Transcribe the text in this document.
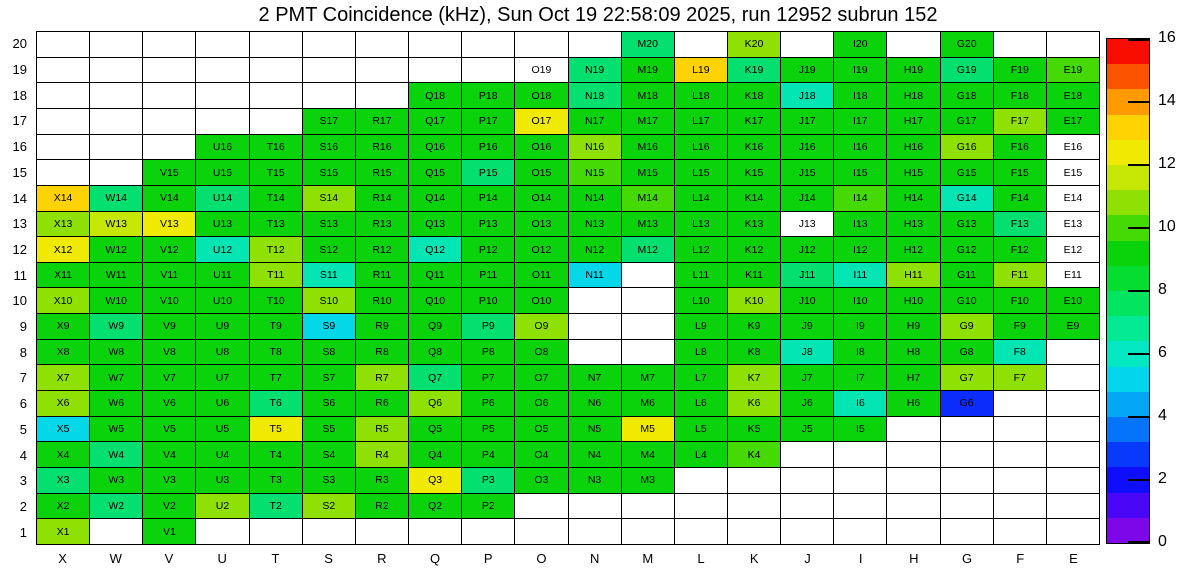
2 PMT Coincidence (kHz), Sun Oct 19 22:58:09 2025, run 12952 subrun 152
20
19
18
17
16
15
14
13
12
11
10
9
8
7
6
5
4
3
2
1
M20	K20	I20	G20
O19	N19	M19	L19	K19	J19	I19	H19	G19	F19	E19
Q18	P18	O18	N18	M18	L18	K18	J18	I18	H18	G18	F18	E18
S17	R17	Q17	P17	O17	N17	M17	L17	K17	J17	I17	H17	G17	F17	E17
U16	T16	S16	R16	Q16	P16	O16	N16	M16	L16	K16	J16	I16	H16	G16	F16	E16
V15	U15	T15	S15	R15	Q15	P15	O15	N15	M15	L15	K15	J15	I15	H15	G15	F15	E15
X14	W14	V14	U14	T14	S14	R14	Q14	P14	O14	N14	M14	L14	K14	J14	I14	H14	G14	F14	E14
X13	W13	V13	U13	T13	S13	R13	Q13	P13	O13	N13	M13	L13	K13	J13	I13	H13	G13	F13	E13
X12	W12	V12	U12	T12	S12	R12	Q12	P12	O12	N12	M12	L12	K12	J12	I12	H12	G12	F12	E12
X11	W11	V11	U11	T11	S11	R11	Q11	P11	O11	N11	L11	K11	J11	I11	H11	G11	F11	E11
X10	W10	V10	U10	T10	S10	R10	Q10	P10	O10	L10	K10	J10	I10	H10	G10	F10	E10
X9	W9	V9	U9	T9	S9	R9	Q9	P9	O9	L9	K9	J9	I9	H9	G9	F9	E9
X8	W8	V8	U8	T8	S8	R8	Q8	P8	O8	L8	K8	J8	I8	H8	G8	F8
X7	W7	V7	U7	T7	S7	R7	Q7	P7	O7	N7	M7	L7	K7	J7	I7	H7	G7	F7
X6	W6	V6	U6	T6	S6	R6	Q6	P6	O6	N6	M6	L6	K6	J6	I6	H6	G6
X5	W5	V5	U5	T5	S5	R5	Q5	P5	O5	N5	M5	L5	K5	J5	I5
X4	W4	V4	U4	T4	S4	R4	Q4	P4	O4	N4	M4	L4	K4
X3	W3	V3	U3	T3	S3	R3	Q3	P3	O3	N3	M3
X2	W2	V2	U2	T2	S2	R2	Q2	P2
X1	V1
X	W	V	U	T	S	R	Q	P	O	N	M	L	K	J	I	H	G	F	E
0
2
4
6
8
10
12
14
16
